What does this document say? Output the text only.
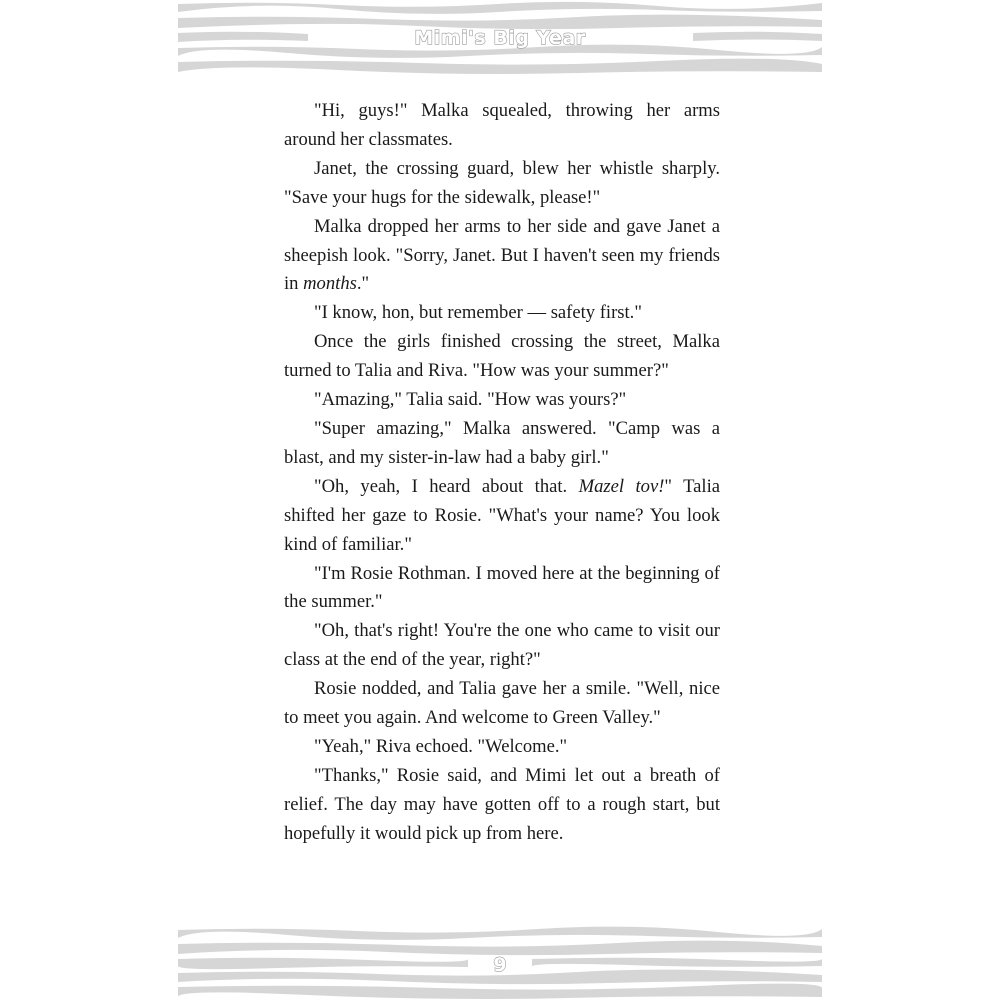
Mimi's Big Year

"Hi, guys!" Malka squealed, throwing her arms around her classmates.

Janet, the crossing guard, blew her whistle sharply. "Save your hugs for the sidewalk, please!"

Malka dropped her arms to her side and gave Janet a sheepish look. "Sorry, Janet. But I haven't seen my friends in months."

"I know, hon, but remember — safety first."

Once the girls finished crossing the street, Malka turned to Talia and Riva. "How was your summer?"

"Amazing," Talia said. "How was yours?"

"Super amazing," Malka answered. "Camp was a blast, and my sister-in-law had a baby girl."

"Oh, yeah, I heard about that. Mazel tov!" Talia shifted her gaze to Rosie. "What's your name? You look kind of familiar."

"I'm Rosie Rothman. I moved here at the beginning of the summer."

"Oh, that's right! You're the one who came to visit our class at the end of the year, right?"

Rosie nodded, and Talia gave her a smile. "Well, nice to meet you again. And welcome to Green Valley."

"Yeah," Riva echoed. "Welcome."

"Thanks," Rosie said, and Mimi let out a breath of relief. The day may have gotten off to a rough start, but hopefully it would pick up from here.

9
